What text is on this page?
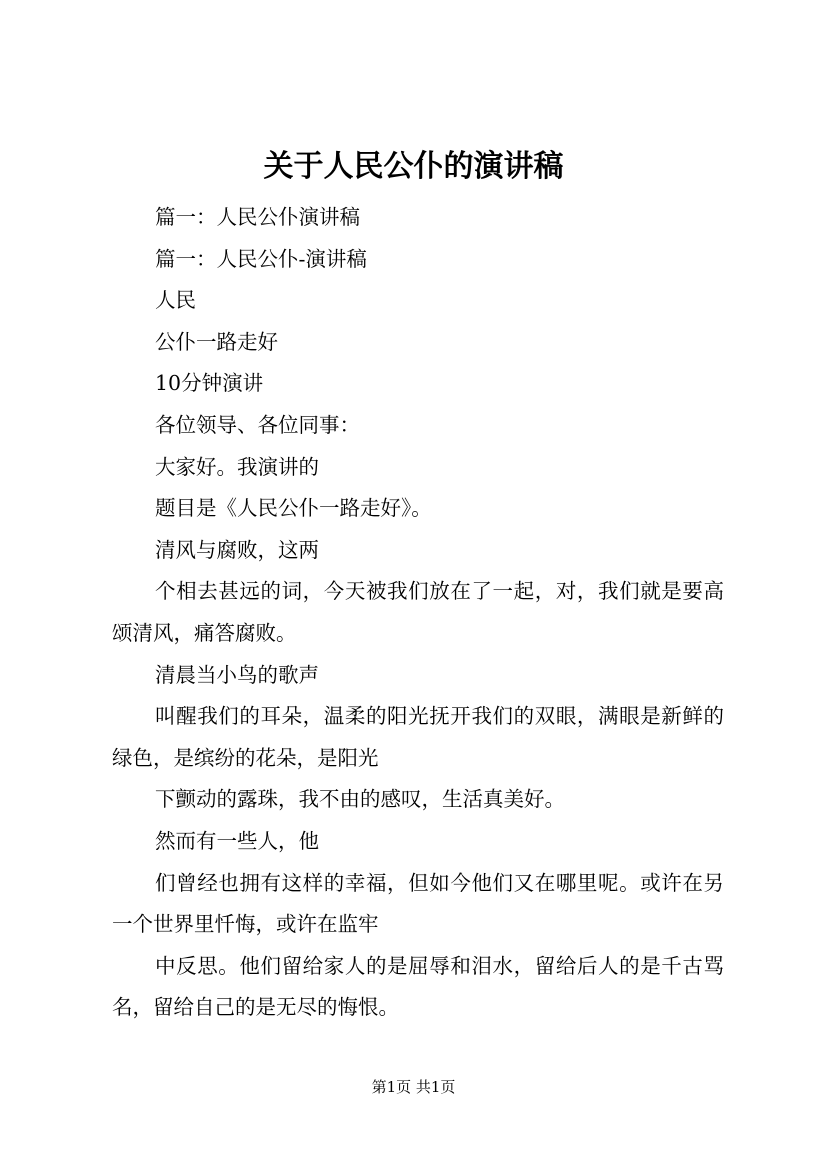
关于人民公仆的演讲稿

篇一：人民公仆演讲稿

篇一：人民公仆-演讲稿

人民

公仆一路走好

10分钟演讲

各位领导、各位同事：

大家好。我演讲的

题目是《人民公仆一路走好》。

清风与腐败，这两

个相去甚远的词，今天被我们放在了一起，对，我们就是要高颂清风，痛答腐败。

清晨当小鸟的歌声

叫醒我们的耳朵，温柔的阳光抚开我们的双眼，满眼是新鲜的绿色，是缤纷的花朵，是阳光

下颤动的露珠，我不由的感叹，生活真美好。

然而有一些人，他

们曾经也拥有这样的幸福，但如今他们又在哪里呢。或许在另一个世界里忏悔，或许在监牢

中反思。他们留给家人的是屈辱和泪水，留给后人的是千古骂名，留给自己的是无尽的悔恨。

第1页 共1页
